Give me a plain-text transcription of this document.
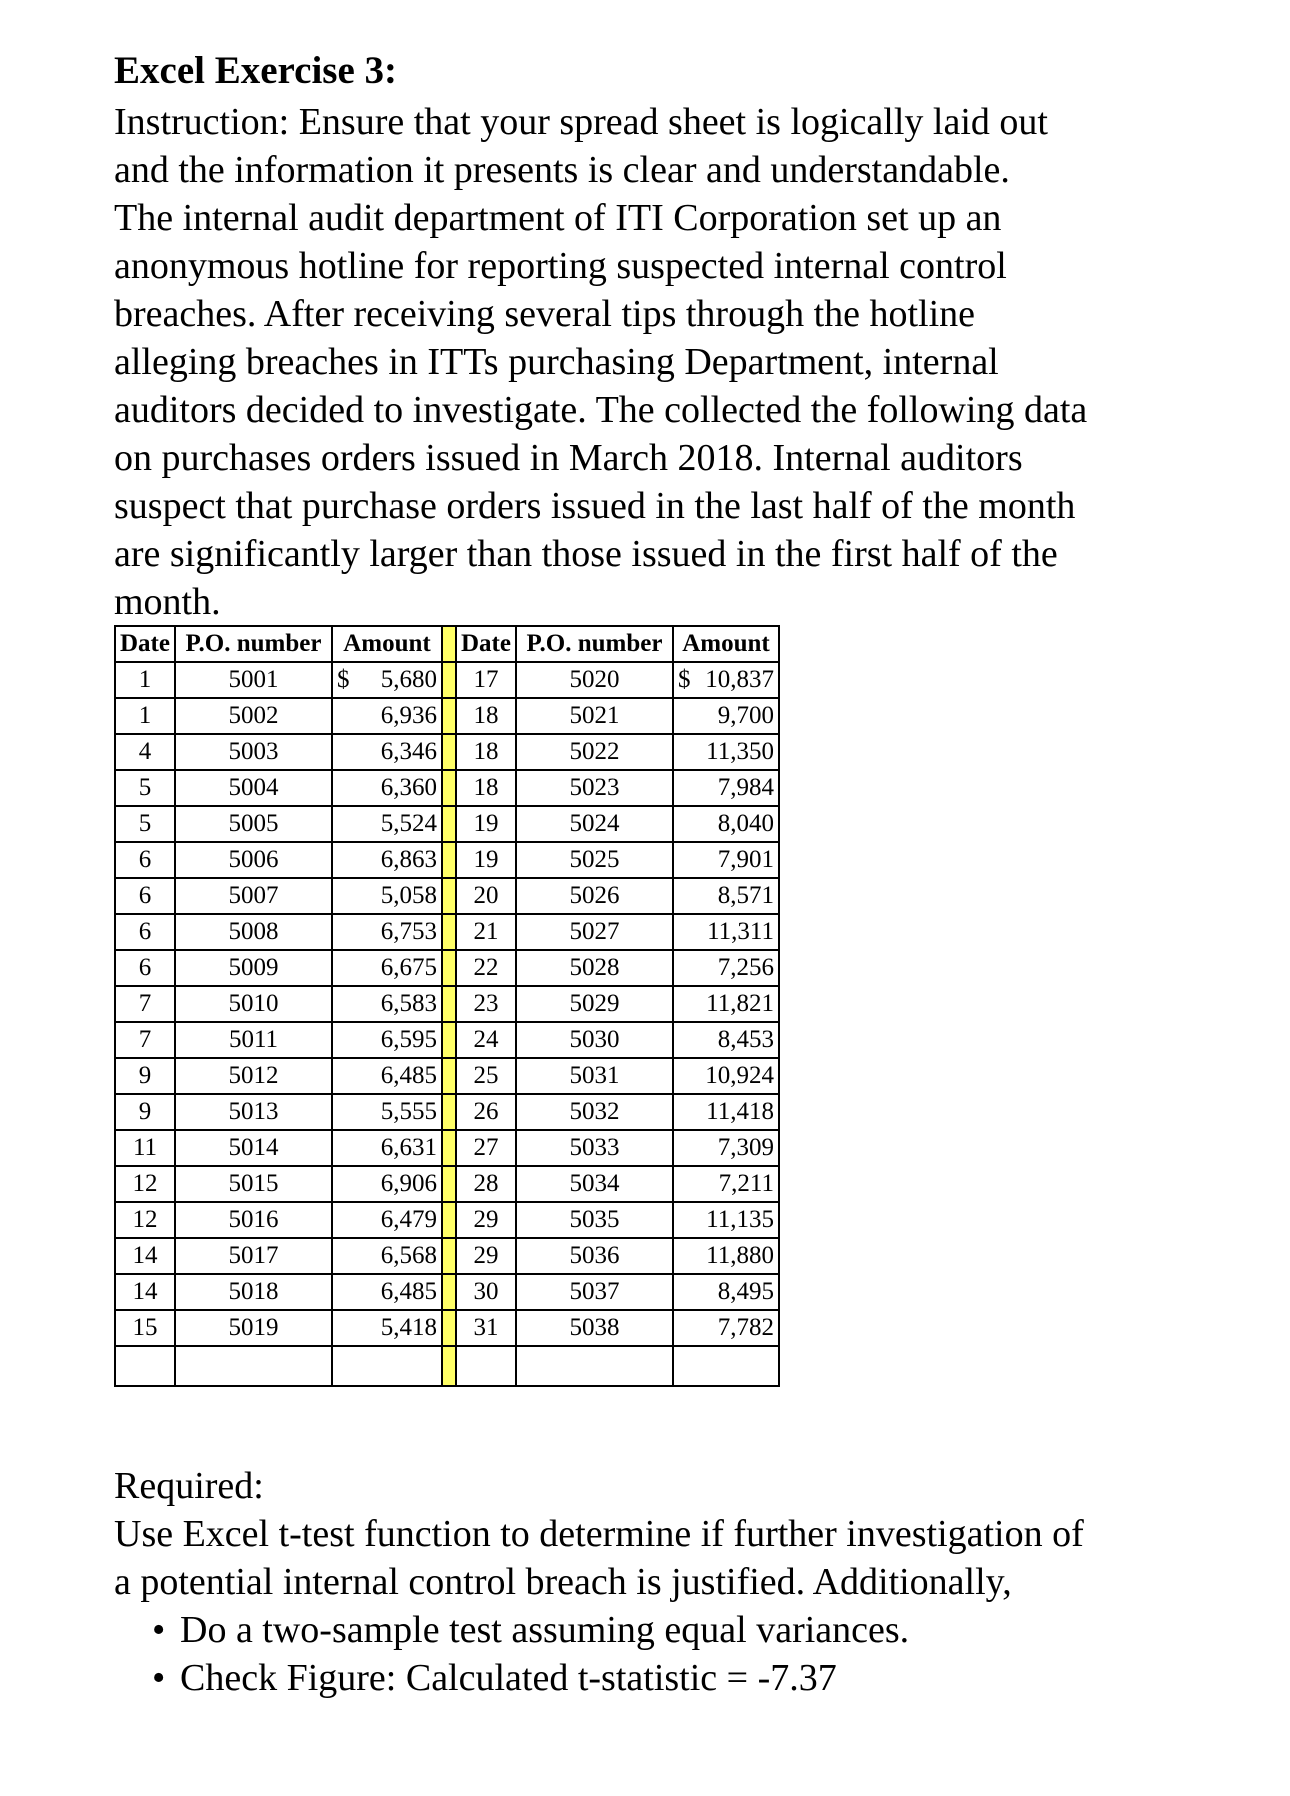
Excel Exercise 3:
Instruction: Ensure that your spread sheet is logically laid out
and the information it presents is clear and understandable.
The internal audit department of ITI Corporation set up an
anonymous hotline for reporting suspected internal control
breaches. After receiving several tips through the hotline
alleging breaches in ITTs purchasing Department, internal
auditors decided to investigate. The collected the following data
on purchases orders issued in March 2018. Internal auditors
suspect that purchase orders issued in the last half of the month
are significantly larger than those issued in the first half of the
month.
Date	P.O. number	Amount		Date	P.O. number	Amount
1	5001	$ 5,680		17	5020	$ 10,837

1	5002	6,936		18	5021	9,700
4	5003	6,346		18	5022	11,350
5	5004	6,360		18	5023	7,984
5	5005	5,524		19	5024	8,040
6	5006	6,863		19	5025	7,901
6	5007	5,058		20	5026	8,571
6	5008	6,753		21	5027	11,311
6	5009	6,675		22	5028	7,256
7	5010	6,583		23	5029	11,821
7	5011	6,595		24	5030	8,453
9	5012	6,485		25	5031	10,924
9	5013	5,555		26	5032	11,418
11	5014	6,631		27	5033	7,309
12	5015	6,906		28	5034	7,211
12	5016	6,479		29	5035	11,135
14	5017	6,568		29	5036	11,880
14	5018	6,485		30	5037	8,495
15	5019	5,418		31	5038	7,782

Required:
Use Excel t-test function to determine if further investigation of
a potential internal control breach is justified. Additionally,
• Do a two-sample test assuming equal variances.
• Check Figure: Calculated t-statistic = -7.37
